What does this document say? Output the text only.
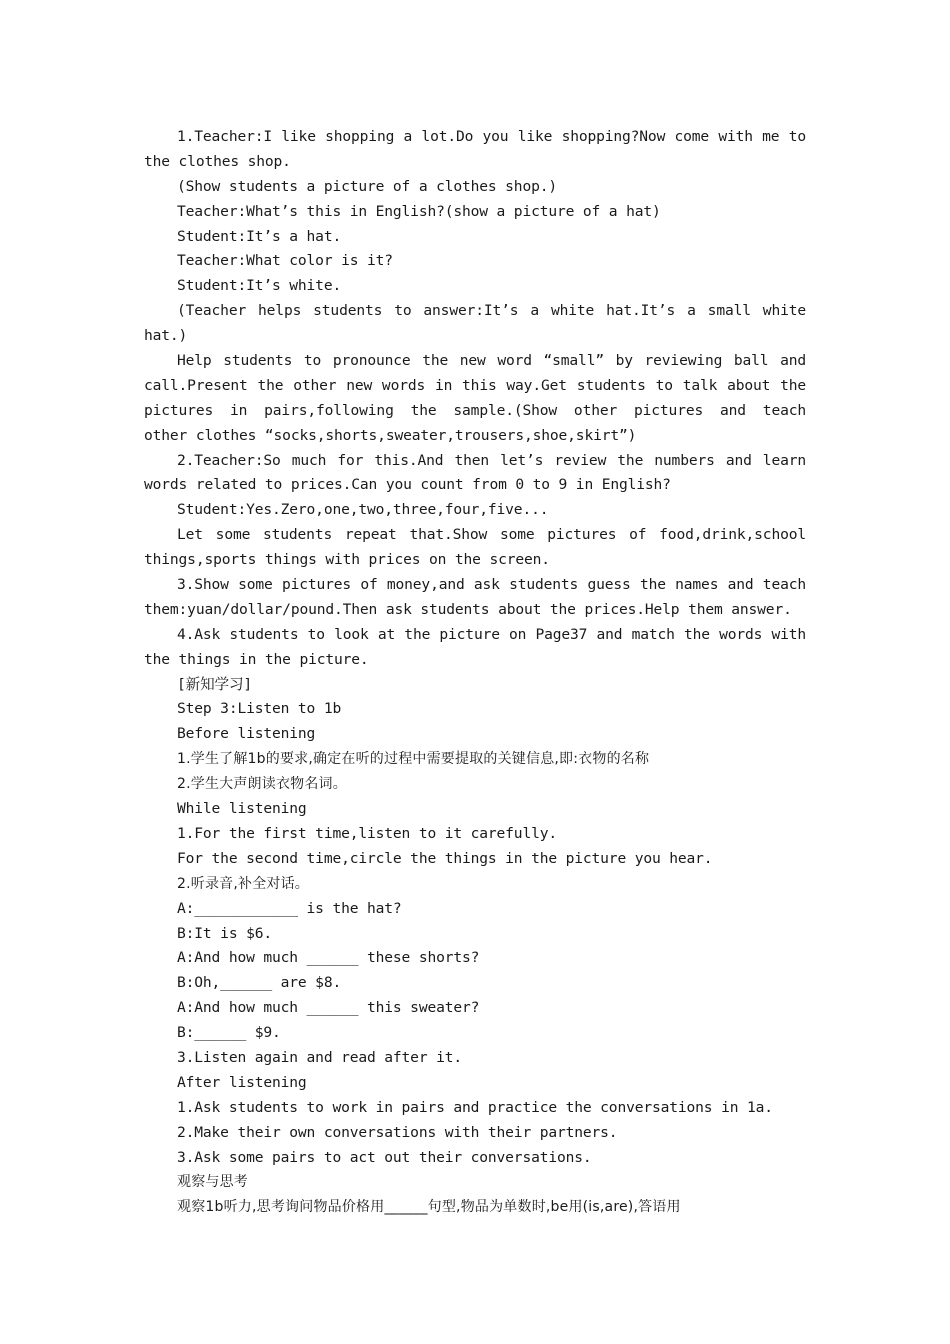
1.Teacher:I like shopping a lot.Do you like shopping?Now come with me to
the clothes shop.
(Show students a picture of a clothes shop.)
Teacher:What’s this in English?(show a picture of a hat)
Student:It’s a hat.
Teacher:What color is it?
Student:It’s white.
(Teacher helps students to answer:It’s a white hat.It’s a small white
hat.)
Help students to pronounce the new word “small” by reviewing ball and
call.Present the other new words in this way.Get students to talk about the
pictures in pairs,following the sample.(Show other pictures and teach
other clothes “socks,shorts,sweater,trousers,shoe,skirt”)
2.Teacher:So much for this.And then let’s review the numbers and learn
words related to prices.Can you count from 0 to 9 in English?
Student:Yes.Zero,one,two,three,four,five...
Let some students repeat that.Show some pictures of food,drink,school
things,sports things with prices on the screen.
3.Show some pictures of money,and ask students guess the names and teach
them:yuan/dollar/pound.Then ask students about the prices.Help them answer.
4.Ask students to look at the picture on Page37 and match the words with
the things in the picture.
[新知学习]
Step 3:Listen to 1b
Before listening
1.学生了解1b的要求,确定在听的过程中需要提取的关键信息,即:衣物的名称
2.学生大声朗读衣物名词。
While listening
1.For the first time,listen to it carefully.
For the second time,circle the things in the picture you hear.
2.听录音,补全对话。
A:____________ is the hat?
B:It is $6.
A:And how much ______ these shorts?
B:Oh,______ are $8.
A:And how much ______ this sweater?
B:______ $9.
3.Listen again and read after it.
After listening
1.Ask students to work in pairs and practice the conversations in 1a.
2.Make their own conversations with their partners.
3.Ask some pairs to act out their conversations.
观察与思考
观察1b听力,思考询问物品价格用______句型,物品为单数时,be用(is,are),答语用
